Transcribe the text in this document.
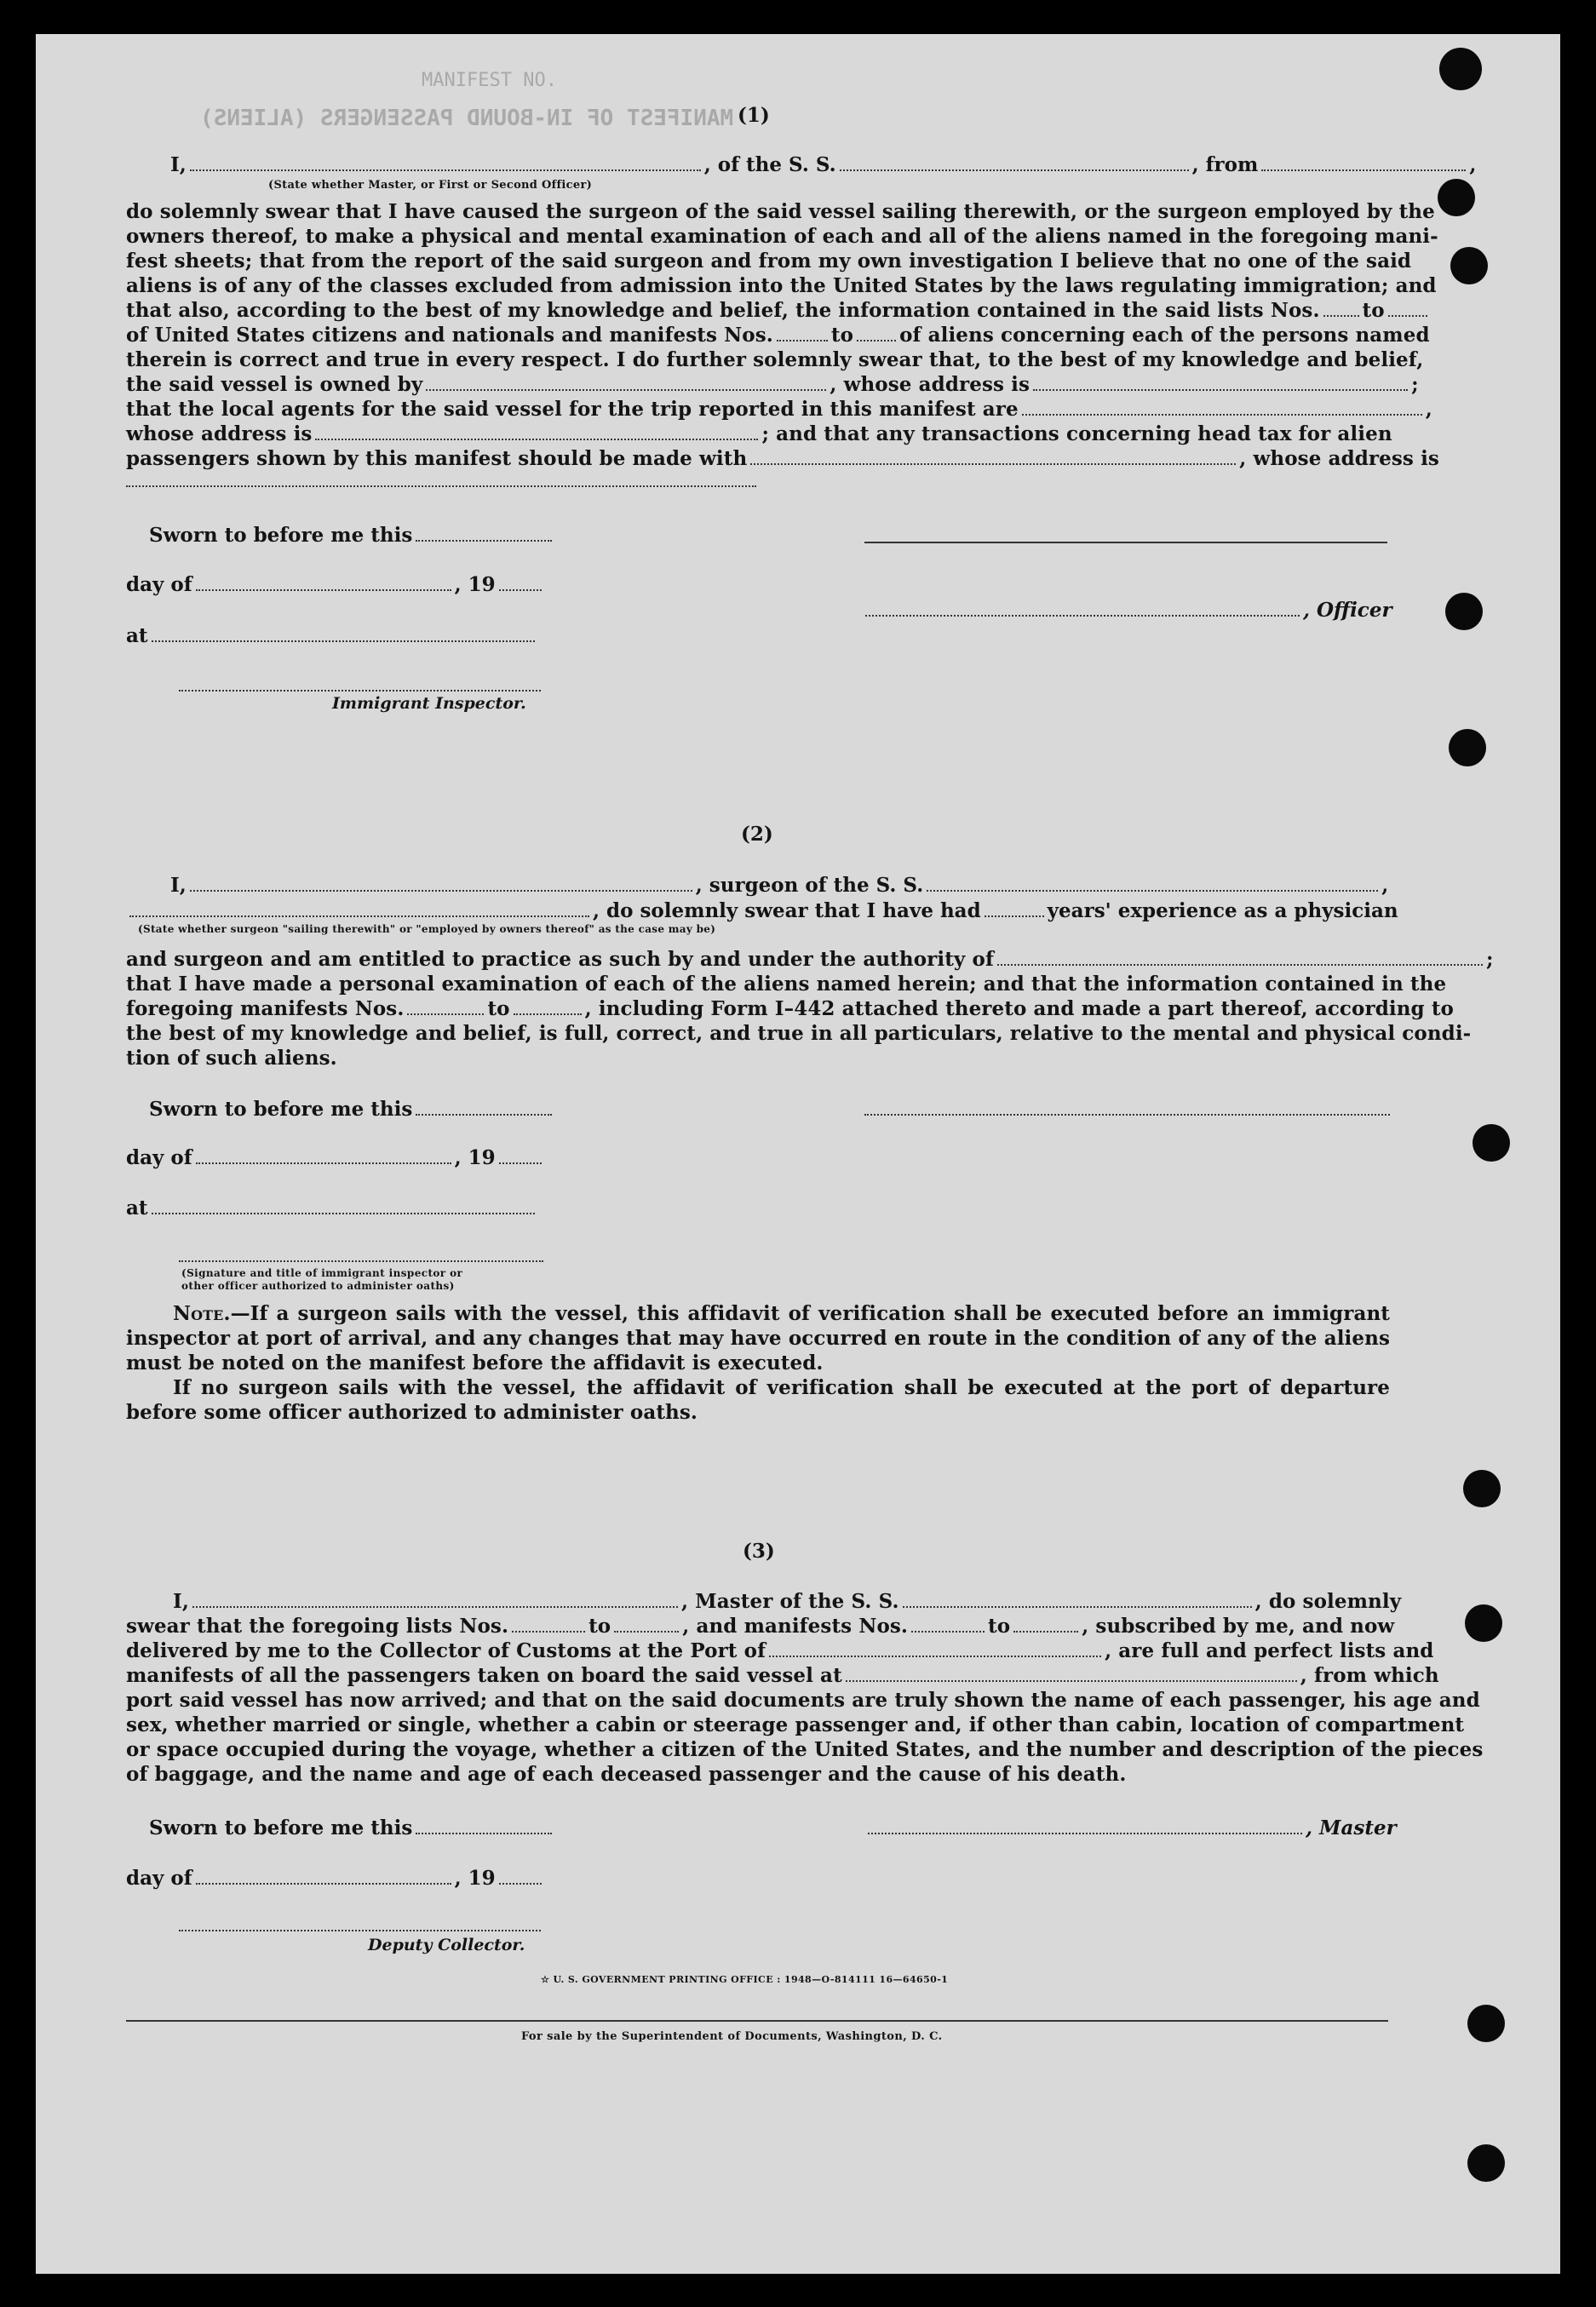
MANIFEST NO.
MANIFEST OF IN-BOUND PASSENGERS (ALIENS) (1)
I,	, of the S. S.	, from	,
(State whether Master, or First or Second Officer)
do solemnly swear that I have caused the surgeon of the said vessel sailing therewith, or the surgeon employed by the
owners thereof, to make a physical and mental examination of each and all of the aliens named in the foregoing mani-
fest sheets; that from the report of the said surgeon and from my own investigation I believe that no one of the said
aliens is of any of the classes excluded from admission into the United States by the laws regulating immigration; and
that also, according to the best of my knowledge and belief, the information contained in the said lists Nos. to
of United States citizens and nationals and manifests Nos.	to of aliens concerning each of the persons named
therein is correct and true in every respect. I do further solemnly swear that, to the best of my knowledge and belief,
the said vessel is owned by	, whose address is	;
that the local agents for the said vessel for the trip reported in this manifest are	,
whose address is	; and that any transactions concerning head tax for alien
passengers shown by this manifest should be made with	, whose address is
Sworn to before me this
day of	, 19
, Officer
at
Immigrant Inspector.
(2)
I,	, surgeon of the S. S.	,
, do solemnly swear that I have had	years' experience as a physician
(State whether surgeon "sailing therewith" or "employed by owners thereof" as the case may be)
and surgeon and am entitled to practice as such by and under the authority of	;
that I have made a personal examination of each of the aliens named herein; and that the information contained in the
foregoing manifests Nos.	to	, including Form I–442 attached thereto and made a part thereof, according to
the best of my knowledge and belief, is full, correct, and true in all particulars, relative to the mental and physical condi-
tion of such aliens.
Sworn to before me this
day of	, 19
at
(Signature and title of immigrant inspector or
other officer authorized to administer oaths)
Note.—If a surgeon sails with the vessel, this affidavit of verification shall be executed before an immigrant inspector at port of arrival, and any changes that may have occurred en route in the condition of any of the aliens must be noted on the manifest before the affidavit is executed.
If no surgeon sails with the vessel, the affidavit of verification shall be executed at the port of departure before some officer authorized to administer oaths.
(3)
I,	, Master of the S. S.	, do solemnly
swear that the foregoing lists Nos.	to	, and manifests Nos.	to	, subscribed by me, and now
delivered by me to the Collector of Customs at the Port of	, are full and perfect lists and
manifests of all the passengers taken on board the said vessel at	, from which
port said vessel has now arrived; and that on the said documents are truly shown the name of each passenger, his age and
sex, whether married or single, whether a cabin or steerage passenger and, if other than cabin, location of compartment
or space occupied during the voyage, whether a citizen of the United States, and the number and description of the pieces
of baggage, and the name and age of each deceased passenger and the cause of his death.
Sworn to before me this	, Master
day of	, 19
Deputy Collector.
☆ U. S. GOVERNMENT PRINTING OFFICE : 1948—O-814111 16—64650-1
For sale by the Superintendent of Documents, Washington, D. C.
